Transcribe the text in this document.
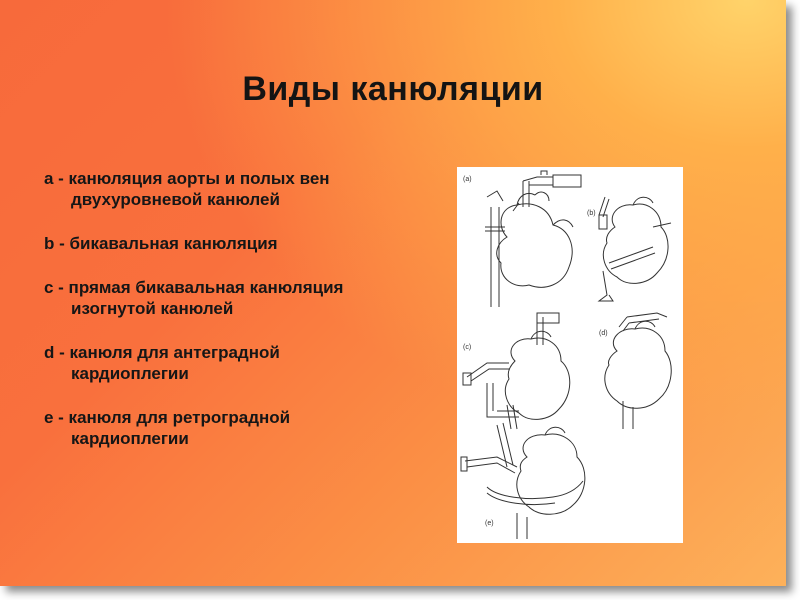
Виды канюляции
а - канюляция аорты и полых вен двухуровневой канюлей
b - бикавальная канюляция
c - прямая бикавальная канюляция изогнутой канюлей
d - канюля для антеградной кардиоплегии
e - канюля для ретроградной кардиоплегии
(a)
(b)
(c)
(d)
(e)
